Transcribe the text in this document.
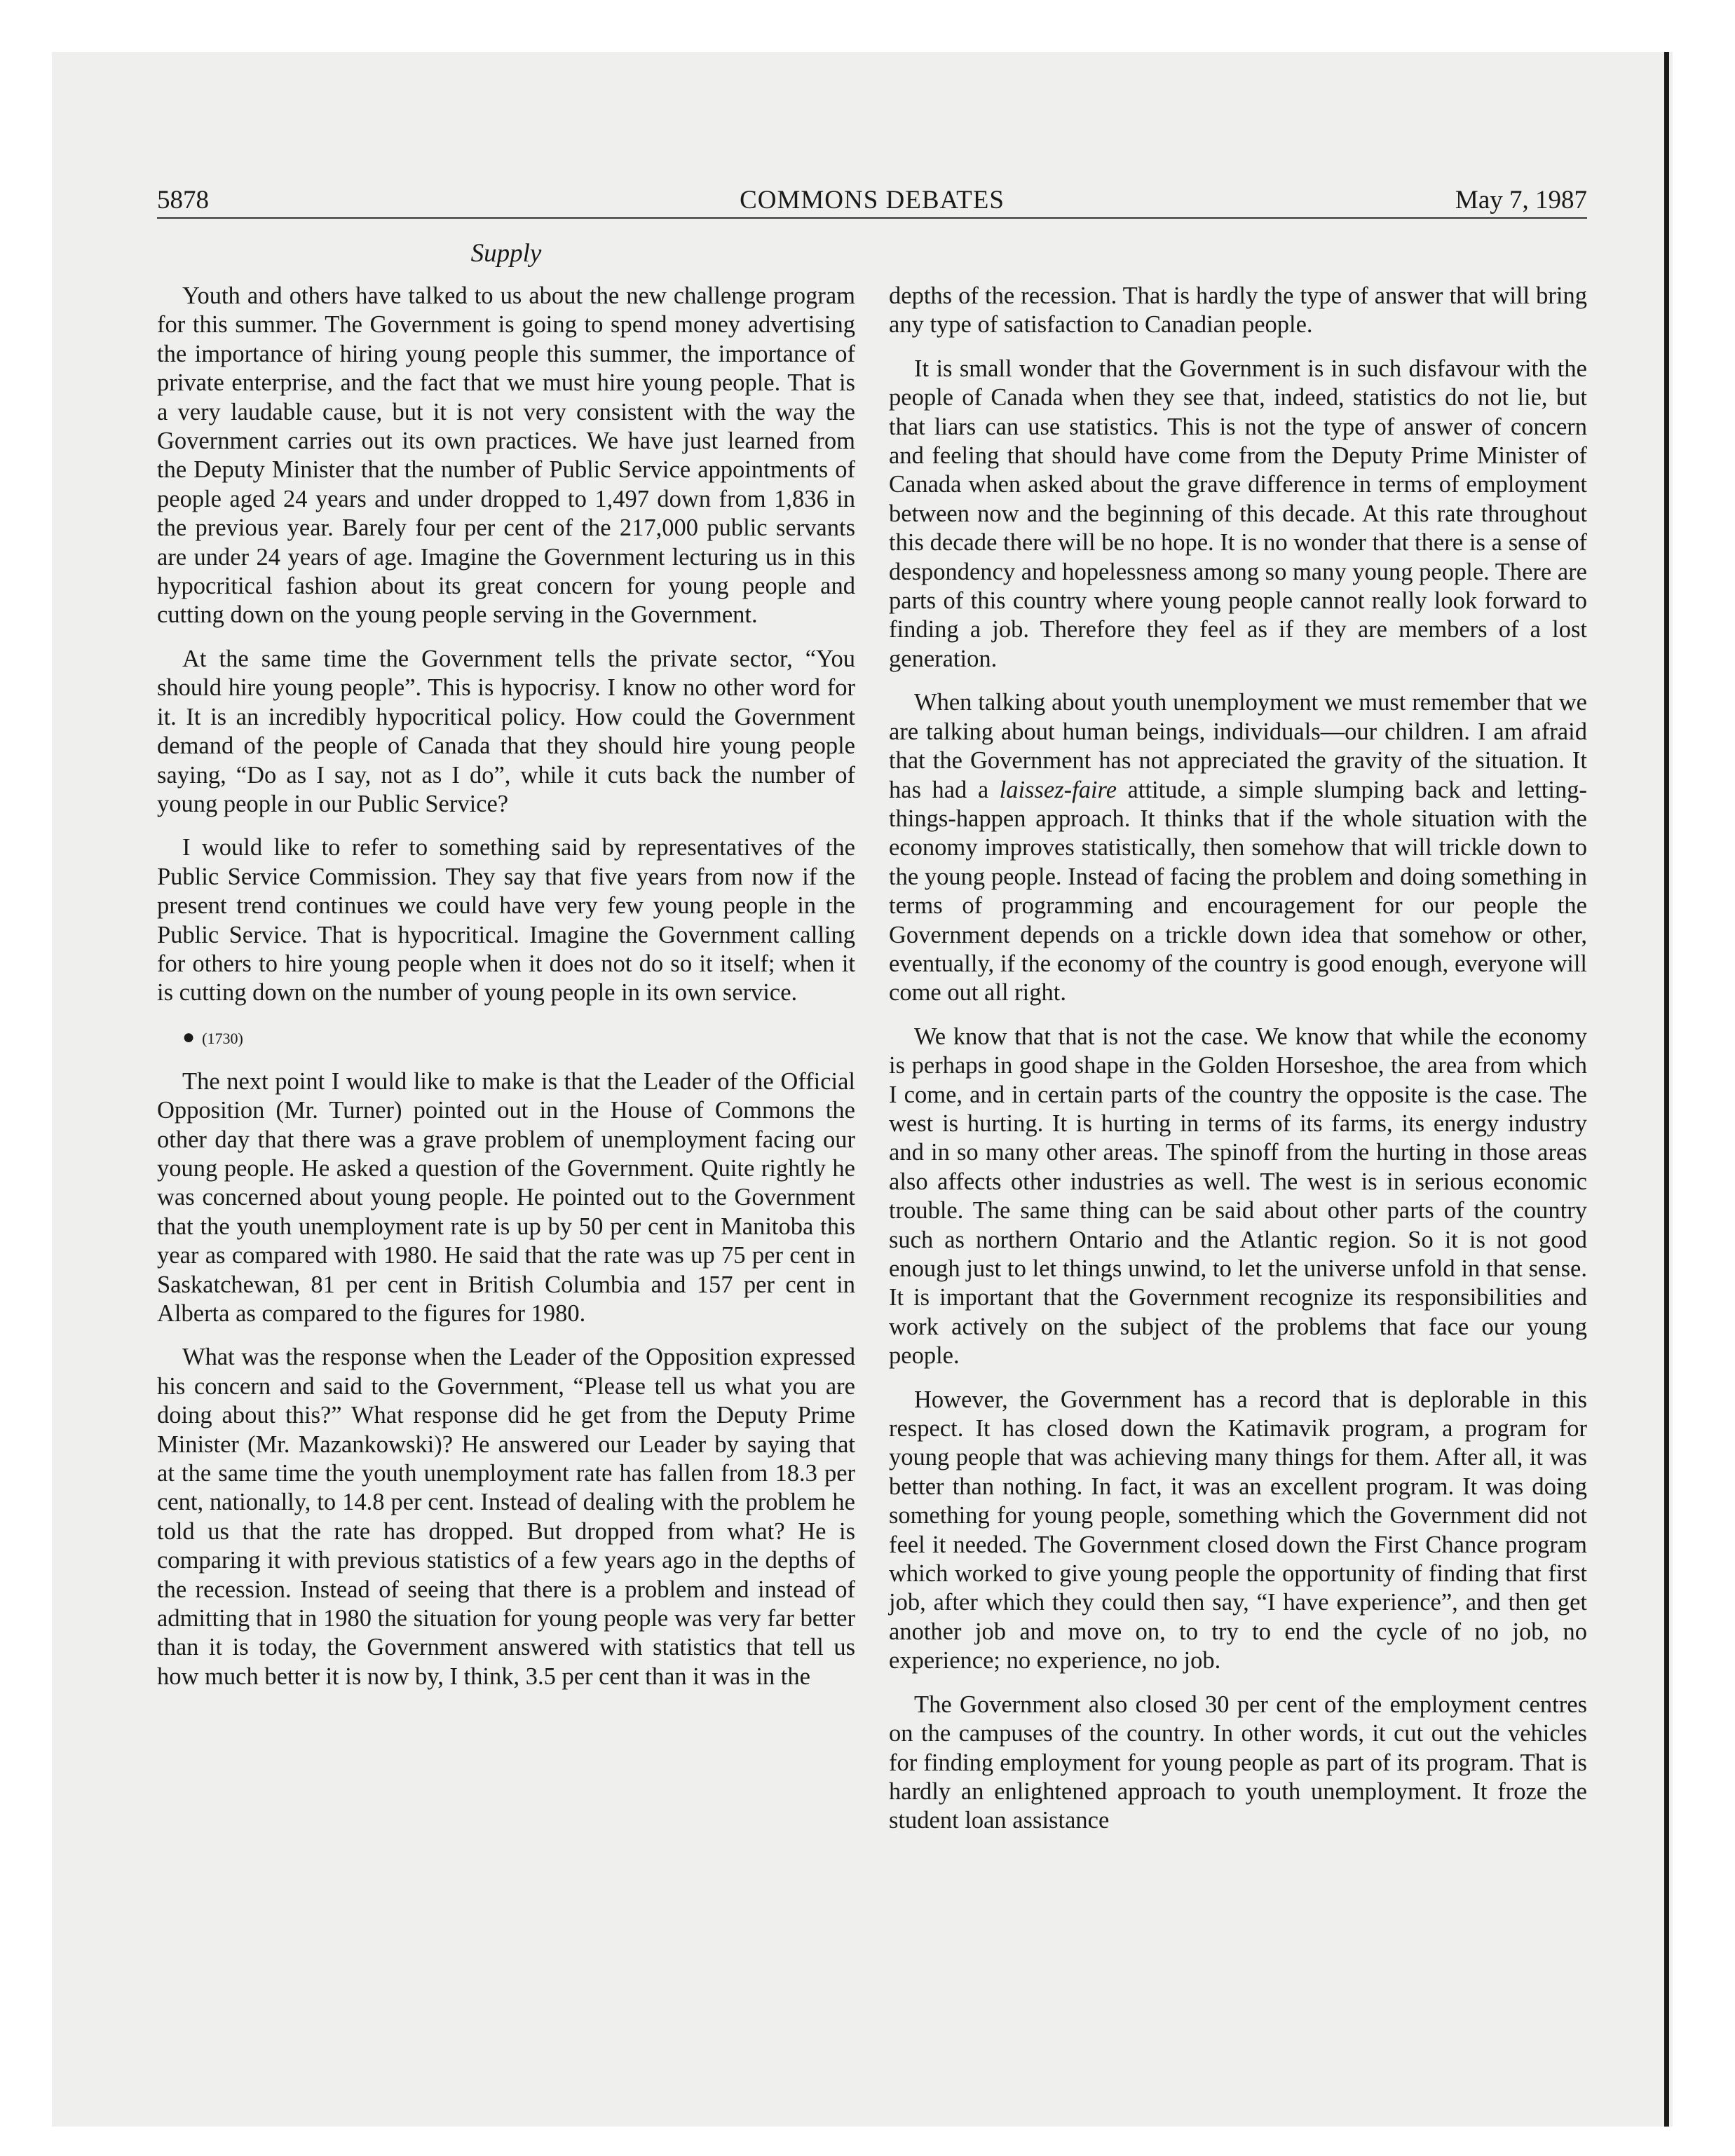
5878	COMMONS DEBATES	May 7, 1987
Supply

Youth and others have talked to us about the new challenge program for this summer. The Government is going to spend money advertising the importance of hiring young people this summer, the importance of private enterprise, and the fact that we must hire young people. That is a very laudable cause, but it is not very consistent with the way the Government carries out its own practices. We have just learned from the Deputy Minister that the number of Public Service appointments of people aged 24 years and under dropped to 1,497 down from 1,836 in the previous year. Barely four per cent of the 217,000 public servants are under 24 years of age. Imagine the Government lecturing us in this hypocritical fashion about its great concern for young people and cutting down on the young people serving in the Government.

At the same time the Government tells the private sector, “You should hire young people”. This is hypocrisy. I know no other word for it. It is an incredibly hypocritical policy. How could the Government demand of the people of Canada that they should hire young people saying, “Do as I say, not as I do”, while it cuts back the number of young people in our Public Service?

I would like to refer to something said by representatives of the Public Service Commission. They say that five years from now if the present trend continues we could have very few young people in the Public Service. That is hypocritical. Imagine the Government calling for others to hire young people when it does not do so it itself; when it is cutting down on the number of young people in its own service.

● (1730)

The next point I would like to make is that the Leader of the Official Opposition (Mr. Turner) pointed out in the House of Commons the other day that there was a grave problem of unemployment facing our young people. He asked a question of the Government. Quite rightly he was concerned about young people. He pointed out to the Government that the youth unemployment rate is up by 50 per cent in Manitoba this year as compared with 1980. He said that the rate was up 75 per cent in Saskatchewan, 81 per cent in British Columbia and 157 per cent in Alberta as compared to the figures for 1980.

What was the response when the Leader of the Opposition expressed his concern and said to the Government, “Please tell us what you are doing about this?” What response did he get from the Deputy Prime Minister (Mr. Mazankowski)? He answered our Leader by saying that at the same time the youth unemployment rate has fallen from 18.3 per cent, nationally, to 14.8 per cent. Instead of dealing with the problem he told us that the rate has dropped. But dropped from what? He is comparing it with previous statistics of a few years ago in the depths of the recession. Instead of seeing that there is a problem and instead of admitting that in 1980 the situation for young people was very far better than it is today, the Government answered with statistics that tell us how much better it is now by, I think, 3.5 per cent than it was in the

depths of the recession. That is hardly the type of answer that will bring any type of satisfaction to Canadian people.

It is small wonder that the Government is in such disfavour with the people of Canada when they see that, indeed, statistics do not lie, but that liars can use statistics. This is not the type of answer of concern and feeling that should have come from the Deputy Prime Minister of Canada when asked about the grave difference in terms of employment between now and the beginning of this decade. At this rate throughout this decade there will be no hope. It is no wonder that there is a sense of despondency and hopelessness among so many young people. There are parts of this country where young people cannot really look forward to finding a job. Therefore they feel as if they are members of a lost generation.

When talking about youth unemployment we must remember that we are talking about human beings, individuals—our children. I am afraid that the Government has not appreciated the gravity of the situation. It has had a laissez-faire attitude, a simple slumping back and letting-things-happen approach. It thinks that if the whole situation with the economy improves statistically, then somehow that will trickle down to the young people. Instead of facing the problem and doing something in terms of programming and encouragement for our people the Government depends on a trickle down idea that somehow or other, eventually, if the economy of the country is good enough, everyone will come out all right.

We know that that is not the case. We know that while the economy is perhaps in good shape in the Golden Horseshoe, the area from which I come, and in certain parts of the country the opposite is the case. The west is hurting. It is hurting in terms of its farms, its energy industry and in so many other areas. The spinoff from the hurting in those areas also affects other industries as well. The west is in serious economic trouble. The same thing can be said about other parts of the country such as northern Ontario and the Atlantic region. So it is not good enough just to let things unwind, to let the universe unfold in that sense. It is important that the Government recognize its responsibilities and work actively on the subject of the problems that face our young people.

However, the Government has a record that is deplorable in this respect. It has closed down the Katimavik program, a program for young people that was achieving many things for them. After all, it was better than nothing. In fact, it was an excellent program. It was doing something for young people, something which the Government did not feel it needed. The Government closed down the First Chance program which worked to give young people the opportunity of finding that first job, after which they could then say, “I have experience”, and then get another job and move on, to try to end the cycle of no job, no experience; no experience, no job.

The Government also closed 30 per cent of the employment centres on the campuses of the country. In other words, it cut out the vehicles for finding employment for young people as part of its program. That is hardly an enlightened approach to youth unemployment. It froze the student loan assistance
